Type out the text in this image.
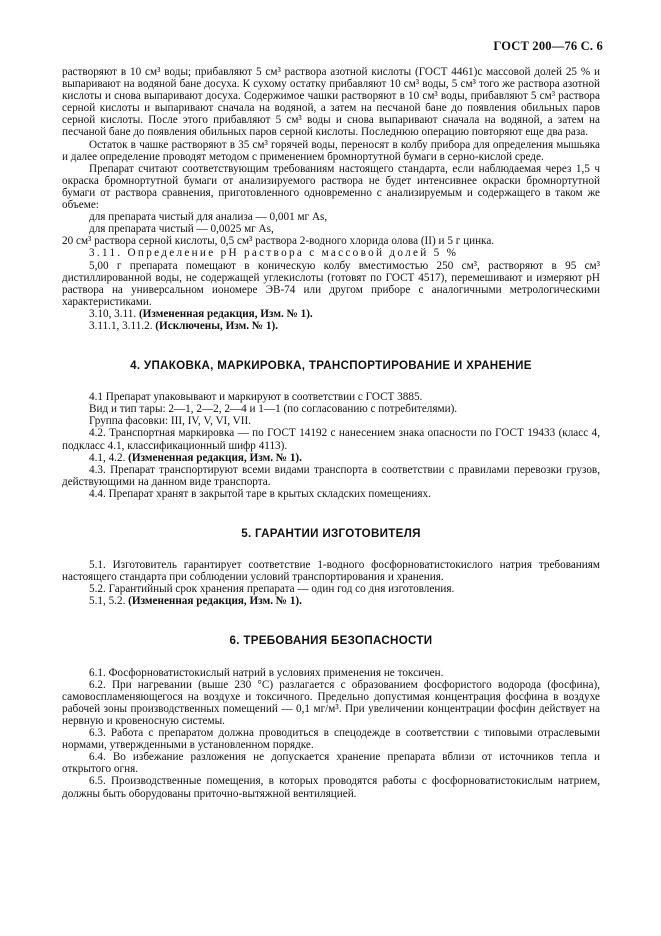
ГОСТ 200—76 С. 6

растворяют в 10 см³ воды; прибавляют 5 см³ раствора азотной кислоты (ГОСТ 4461)с массовой долей 25 % и выпаривают на водяной бане досуха. К сухому остатку прибавляют 10 см³ воды, 5 см³ того же раствора азотной кислоты и снова выпаривают досуха. Содержимое чашки растворяют в 10 см³ воды, прибавляют 5 см³ раствора серной кислоты и выпаривают сначала на водяной, а затем на песчаной бане до появления обильных паров серной кислоты. После этого прибавляют 5 см³ воды и снова выпаривают сначала на водяной, а затем на песчаной бане до появления обильных паров серной кислоты. Последнюю операцию повторяют еще два раза.

Остаток в чашке растворяют в 35 см³ горячей воды, переносят в колбу прибора для определения мышьяка и далее определение проводят методом с применением бромнортутной бумаги в серно-кислой среде.

Препарат считают соответствующим требованиям настоящего стандарта, если наблюдаемая через 1,5 ч окраска бромнортутной бумаги от анализируемого раствора не будет интенсивнее окраски бромнортутной бумаги от раствора сравнения, приготовленного одновременно с анализируемым и содержащего в таком же объеме:

для препарата чистый для анализа — 0,001 мг As,

для препарата чистый — 0,0025 мг As,

20 см³ раствора серной кислоты, 0,5 см³ раствора 2-водного хлорида олова (II) и 5 г цинка.

3.11. Определение pH раствора с массовой долей 5 %

5,00 г препарата помещают в коническую колбу вместимостью 250 см³, растворяют в 95 см³ дистиллированной воды, не содержащей углекислоты (готовят по ГОСТ 4517), перемешивают и измеряют pH раствора на универсальном иономере ЭВ-74 или другом приборе с аналогичными метрологическими характеристиками.

3.10, 3.11. (Измененная редакция, Изм. № 1).

3.11.1, 3.11.2. (Исключены, Изм. № 1).

4. УПАКОВКА, МАРКИРОВКА, ТРАНСПОРТИРОВАНИЕ И ХРАНЕНИЕ

4.1 Препарат упаковывают и маркируют в соответствии с ГОСТ 3885.

Вид и тип тары: 2—1, 2—2, 2—4 и 1—1 (по согласованию с потребителями).

Группа фасовки: III, IV, V, VI, VII.

4.2. Транспортная маркировка — по ГОСТ 14192 с нанесением знака опасности по ГОСТ 19433 (класс 4, подкласс 4.1, классификационный шифр 4113).

4.1, 4.2. (Измененная редакция, Изм. № 1).

4.3. Препарат транспортируют всеми видами транспорта в соответствии с правилами перевозки грузов, действующими на данном виде транспорта.

4.4. Препарат хранят в закрытой таре в крытых складских помещениях.

5. ГАРАНТИИ ИЗГОТОВИТЕЛЯ

5.1. Изготовитель гарантирует соответствие 1-водного фосфорноватистокислого натрия требованиям настоящего стандарта при соблюдении условий транспортирования и хранения.

5.2. Гарантийный срок хранения препарата — один год со дня изготовления.

5.1, 5.2. (Измененная редакция, Изм. № 1).

6. ТРЕБОВАНИЯ БЕЗОПАСНОСТИ

6.1. Фосфорноватистокислый натрий в условиях применения не токсичен.

6.2. При нагревании (выше 230 °С) разлагается с образованием фосфористого водорода (фосфина), самовоспламеняющегося на воздухе и токсичного. Предельно допустимая концентрация фосфина в воздухе рабочей зоны производственных помещений — 0,1 мг/м³. При увеличении концентрации фосфин действует на нервную и кровеносную системы.

6.3. Работа с препаратом должна проводиться в спецодежде в соответствии с типовыми отраслевыми нормами, утвержденными в установленном порядке.

6.4. Во избежание разложения не допускается хранение препарата вблизи от источников тепла и открытого огня.

6.5. Производственные помещения, в которых проводятся работы с фосфорноватистокислым натрием, должны быть оборудованы приточно-вытяжной вентиляцией.
